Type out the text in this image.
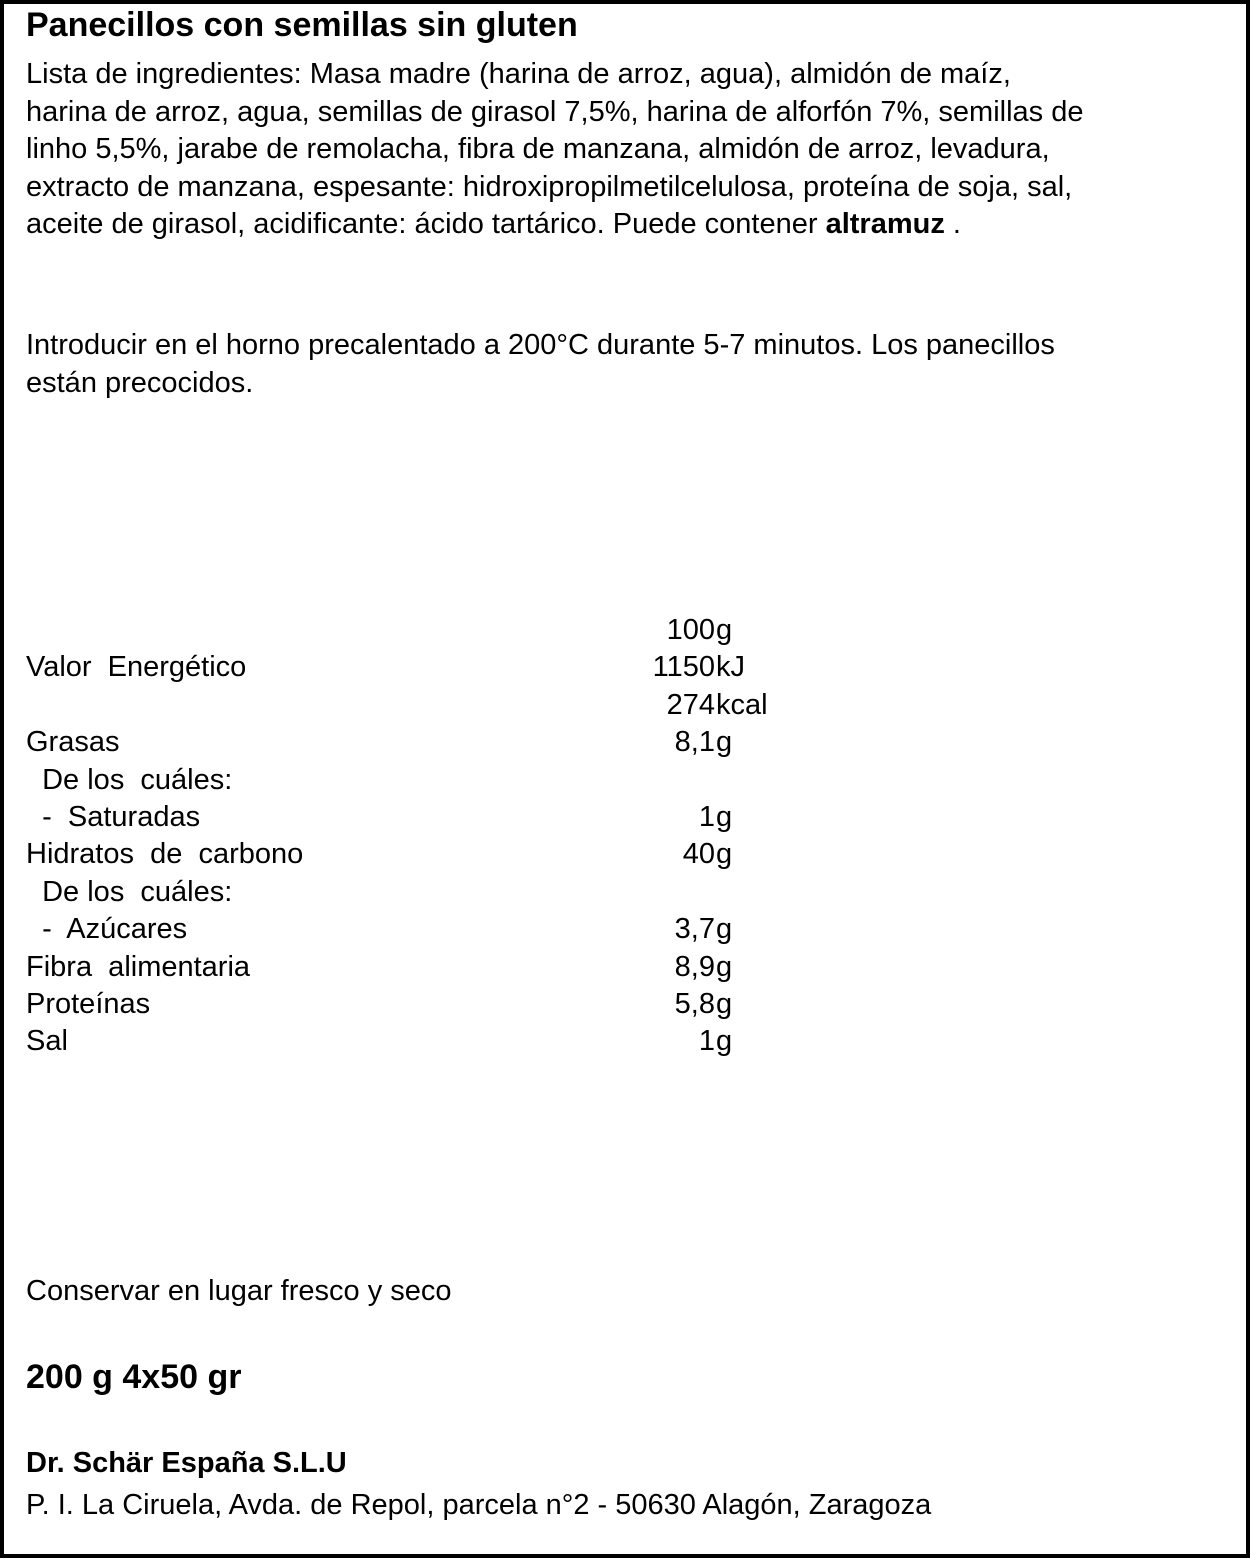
Panecillos con semillas sin gluten
Lista de ingredientes: Masa madre (harina de arroz, agua), almidón de maíz,
harina de arroz, agua, semillas de girasol 7,5%, harina de alforfón 7%, semillas de
linho 5,5%, jarabe de remolacha, fibra de manzana, almidón de arroz, levadura,
extracto de manzana, espesante: hidroxipropilmetilcelulosa, proteína de soja, sal,
aceite de girasol, acidificante: ácido tartárico. Puede contener altramuz .
Introducir en el horno precalentado a 200°C durante 5-7 minutos. Los panecillos
están precocidos.
100 g
Valor  Energético	1150 kJ
274 kcal
Grasas	8,1 g
De los  cuáles:
-  Saturadas	1 g
Hidratos  de  carbono	40 g
De los  cuáles:
-  Azúcares	3,7 g
Fibra  alimentaria	8,9 g
Proteínas	5,8 g
Sal	1 g
Conservar en lugar fresco y seco
200 g 4x50 gr
Dr. Schär España S.L.U
P. I. La Ciruela, Avda. de Repol, parcela n°2 - 50630 Alagón, Zaragoza
